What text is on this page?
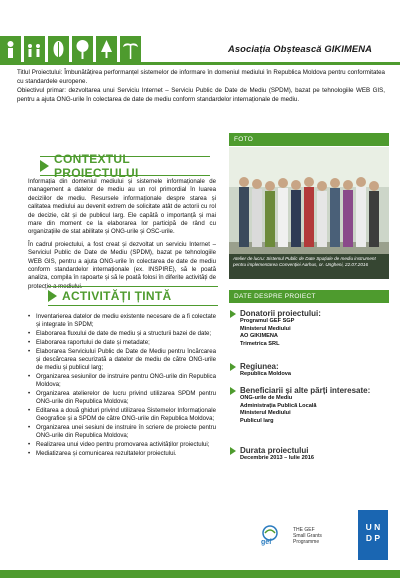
Asociația Obștească GIKIMENA

Titlul Proiectului: Îmbunătățirea performanțel sistemelor de informare în domeniul mediului în Republica Moldova pentru conformitatea cu standardele europene.

Obiectivul primar: dezvoltarea unui Serviciu Internet – Serviciu Public de Date de Mediu (SPDM), bazat pe tehnologiile WEB GIS, pentru a ajuta ONG-urile în colectarea de date de mediu conform standardelor internaționale de mediu.

CONTEXTUL PROIECTULUI

Informația din domeniul mediului și sistemele informaționale de management a datelor de mediu au un rol primordial în luarea deciziilor de mediu. Resursele informaționale despre starea și calitatea mediului au devenit extrem de solicitate atât de actorii cu rol de decizie, cât și de publicul larg. Ele capătă o importanță și mai mare din moment ce la elaborarea lor participă de rând cu organizațiile de stat abilitate și ONG-urile și OSC-urile.

În cadrul proiectului, a fost creat și dezvoltat un serviciu Internet – Serviciul Public de Date de Mediu (SPDM), bazat pe tehnologiile WEB GIS, pentru a ajuta ONG-urile în colectarea de date de mediu conform standardelor internaționale (ex. INSPIRE), să le poată analiza, compila în rapoarte și să le poată folosi în diferite activități de protecție a mediului.

ACTIVITĂȚI ȚINTĂ
• Inventarierea datelor de mediu existente necesare de a fi colectate și integrate în SPDM;
• Elaborarea fluxului de date de mediu și a structurii bazei de date;
• Elaborarea raportului de date și metadate;
• Elaborarea Serviciului Public de Date de Mediu pentru încărcarea și descărcarea securizată a datelor de mediu de către ONG-urile de mediu și publicul larg;
• Organizarea sesiunilor de instruire pentru ONG-urile din Republica Moldova;
• Organizarea atelierelor de lucru privind utilizarea SPDM pentru ONG-urile din Republica Moldova;
• Editarea a două ghiduri privind utilizarea Sistemelor Informaționale Geografice și a SPDM de către ONG-urile din Republica Moldova;
• Organizarea unei sesiuni de instruire în scriere de proiecte pentru ONG-urile din Republica Moldova;
• Realizarea unui video pentru promovarea activităților proiectului;
• Mediatizarea și comunicarea rezultatelor proiectului.
FOTO
Atelier de lucru: Sistemul Public de Date Spațiale de mediu instrument pentru implementarea Convenției Aarhus, or. Ungheni, 22.07.2016
DATE DESPRE PROIECT
Donatorii proiectului:
Programul GEF SGP
Ministerul Mediului
AO GIKIMENA
Trimetrica SRL
Regiunea:
Republica Moldova
Beneficiarii și alte părți interesate:
ONG-urile de Mediu
Administrația Publică Locală
Ministerul Mediului
Publicul larg
Durata proiectului
Decembrie 2013 – Iulie 2016
gef
THE GEF
Small Grants
Programme
U N
D P
